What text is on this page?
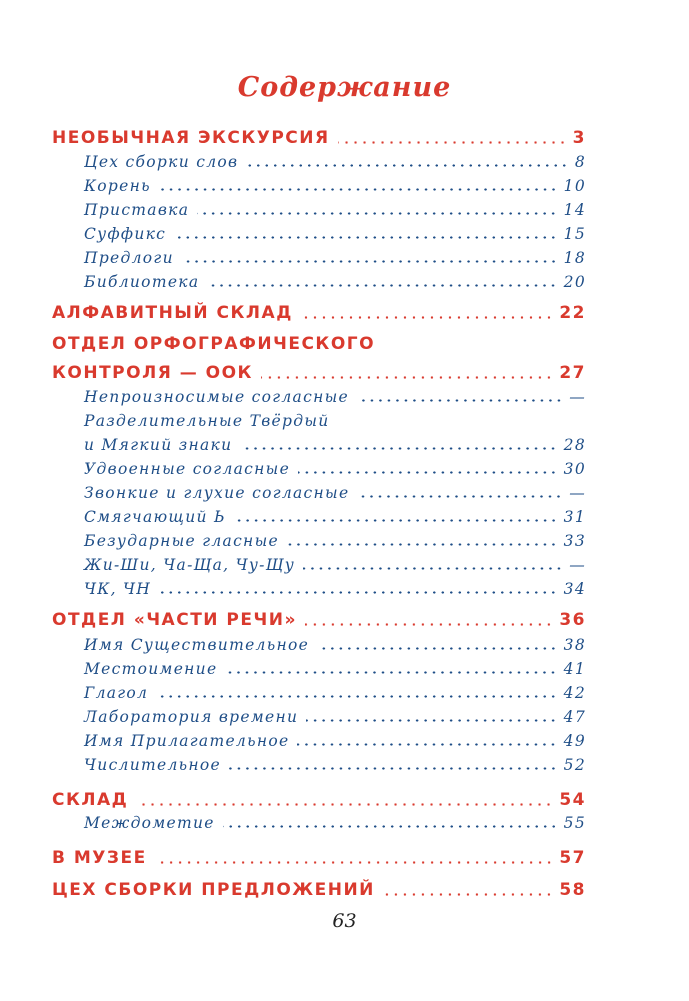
Содержание
НЕОБЫЧНАЯ ЭКСКУРСИЯ	3
Цех сборки слов	8
Корень	10
Приставка	14
Суффикс	15
Предлоги	18
Библиотека	20
АЛФАВИТНЫЙ СКЛАД	22
ОТДЕЛ ОРФОГРАФИЧЕСКОГО
КОНТРОЛЯ — ООК	27
Непроизносимые согласные	—
Разделительные Твёрдый
и Мягкий знаки	28
Удвоенные согласные	30
Звонкие и глухие согласные	—
Смягчающий Ь	31
Безударные гласные	33
Жи-Ши, Ча-Ща, Чу-Щу	—
ЧК, ЧН	34
ОТДЕЛ «ЧАСТИ РЕЧИ»	36
Имя Существительное	38
Местоимение	41
Глагол	42
Лаборатория времени	47
Имя Прилагательное	49
Числительное	52
СКЛАД	54
Междометие	55
В МУЗЕЕ	57
ЦЕХ СБОРКИ ПРЕДЛОЖЕНИЙ	58
63
